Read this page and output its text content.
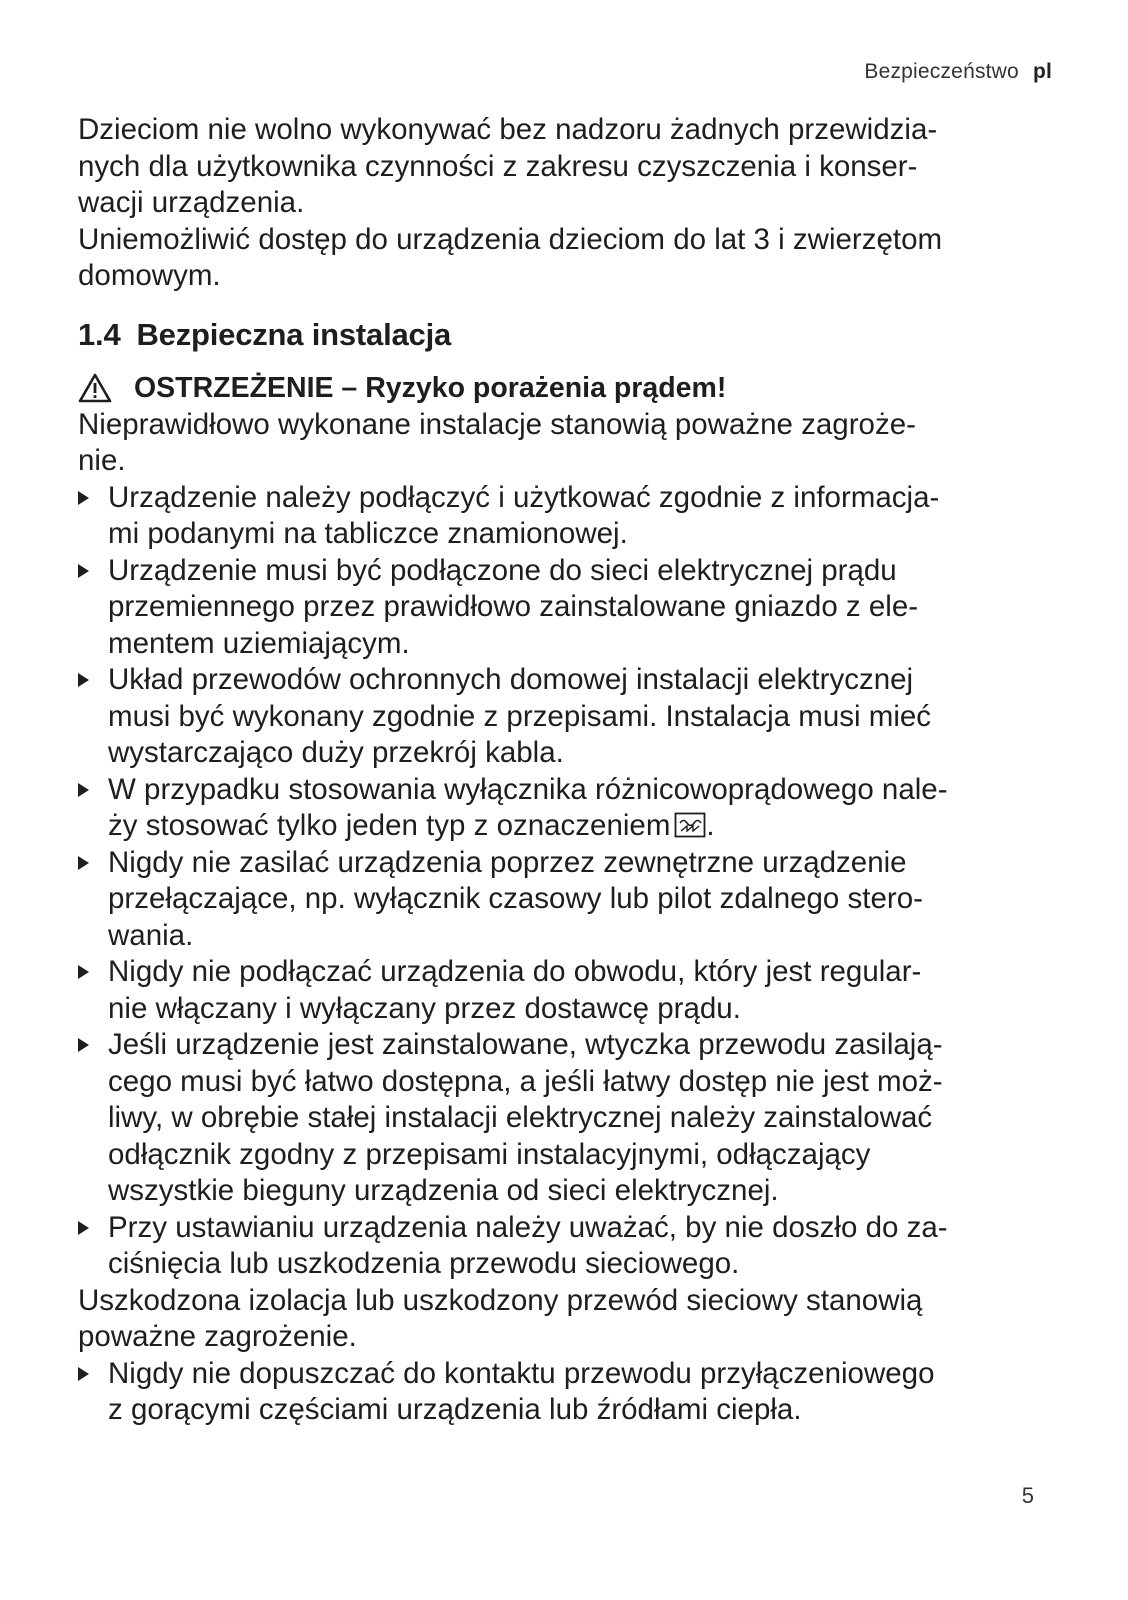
Bezpieczeństwo pl

Dzieciom nie wolno wykonywać bez nadzoru żadnych przewidzia-
nych dla użytkownika czynności z zakresu czyszczenia i konser-
wacji urządzenia.

Uniemożliwić dostęp do urządzenia dzieciom do lat 3 i zwierzętom
domowym.

1.4 Bezpieczna instalacja
OSTRZEŻENIE – Ryzyko porażenia prądem!

Nieprawidłowo wykonane instalacje stanowią poważne zagroże-
nie.

Urządzenie należy podłączyć i użytkować zgodnie z informacja-
mi podanymi na tabliczce znamionowej.
Urządzenie musi być podłączone do sieci elektrycznej prądu
przemiennego przez prawidłowo zainstalowane gniazdo z ele-
mentem uziemiającym.
Układ przewodów ochronnych domowej instalacji elektrycznej
musi być wykonany zgodnie z przepisami. Instalacja musi mieć
wystarczająco duży przekrój kabla.
W przypadku stosowania wyłącznika różnicowoprądowego nale-
ży stosować tylko jeden typ z oznaczeniem .
Nigdy nie zasilać urządzenia poprzez zewnętrzne urządzenie
przełączające, np. wyłącznik czasowy lub pilot zdalnego stero-
wania.
Nigdy nie podłączać urządzenia do obwodu, który jest regular-
nie włączany i wyłączany przez dostawcę prądu.
Jeśli urządzenie jest zainstalowane, wtyczka przewodu zasilają-
cego musi być łatwo dostępna, a jeśli łatwy dostęp nie jest moż-
liwy, w obrębie stałej instalacji elektrycznej należy zainstalować
odłącznik zgodny z przepisami instalacyjnymi, odłączający
wszystkie bieguny urządzenia od sieci elektrycznej.
Przy ustawianiu urządzenia należy uważać, by nie doszło do za-
ciśnięcia lub uszkodzenia przewodu sieciowego.

Uszkodzona izolacja lub uszkodzony przewód sieciowy stanowią
poważne zagrożenie.

Nigdy nie dopuszczać do kontaktu przewodu przyłączeniowego
z gorącymi częściami urządzenia lub źródłami ciepła.
5
